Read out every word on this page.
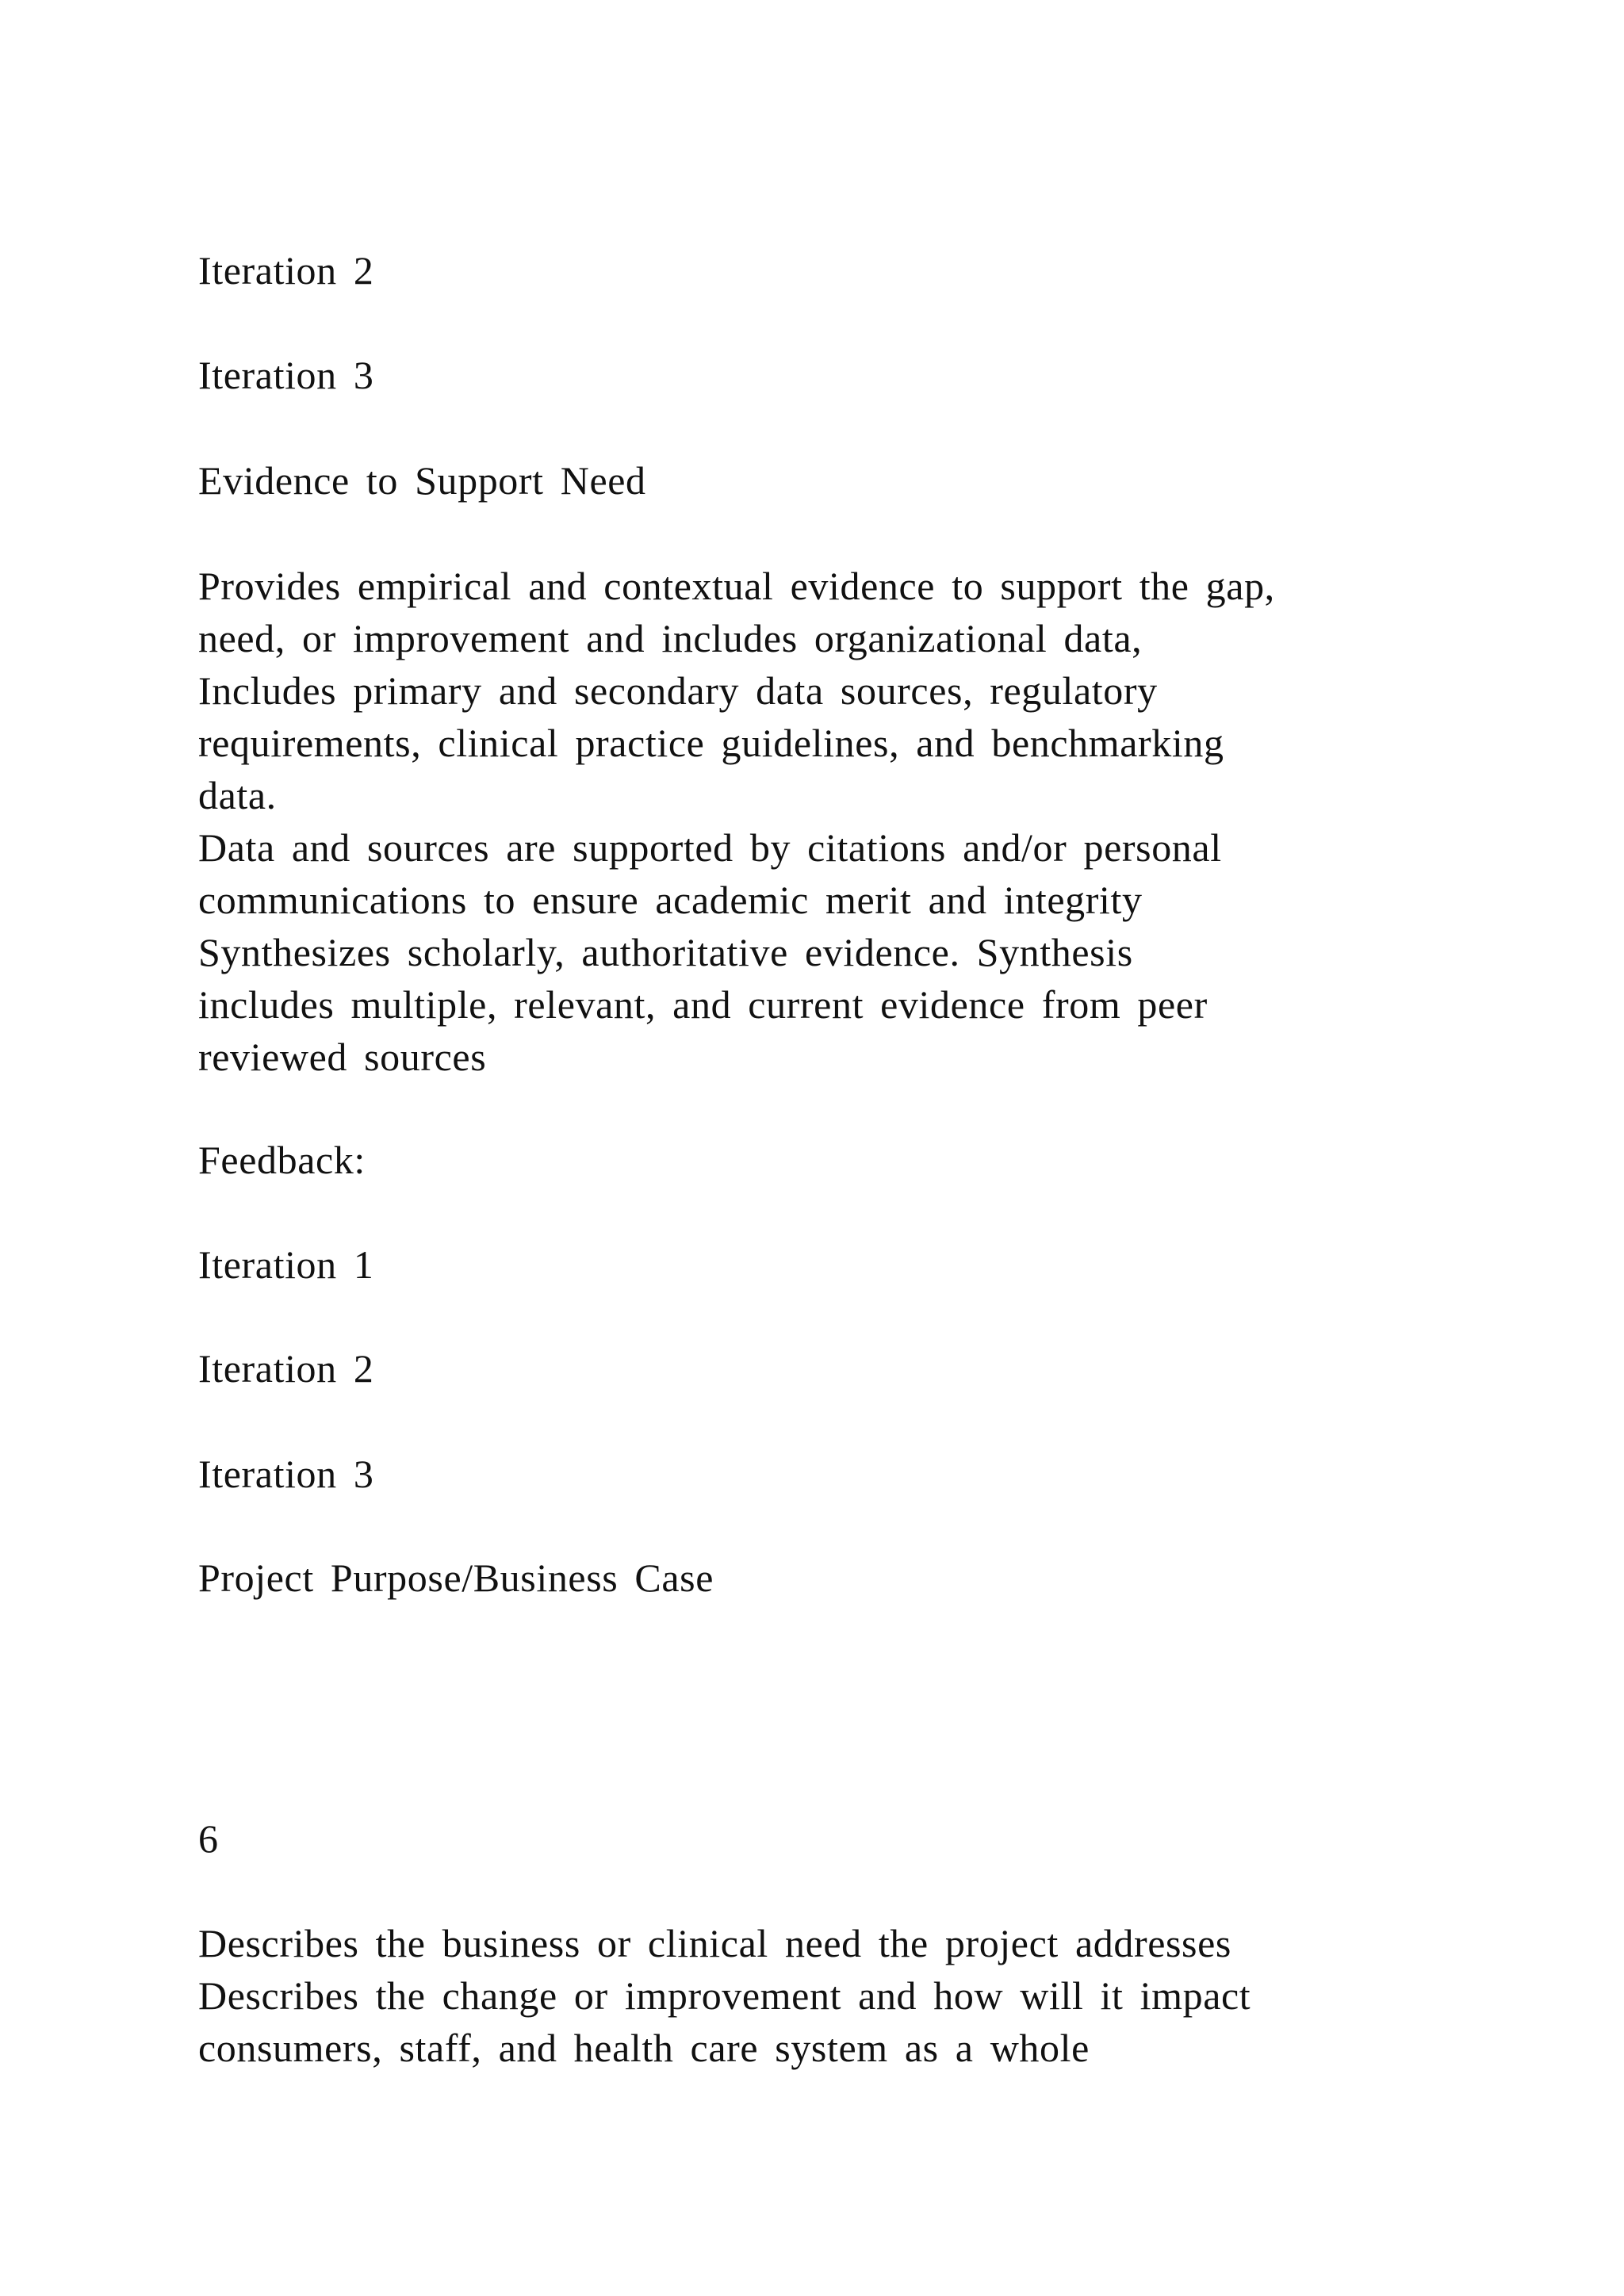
Iteration 2

Iteration 3

Evidence to Support Need

Provides empirical and contextual evidence to support the gap,
need, or improvement and includes organizational data,
Includes primary and secondary data sources, regulatory
requirements, clinical practice guidelines, and benchmarking
data.
Data and sources are supported by citations and/or personal
communications to ensure academic merit and integrity
Synthesizes scholarly, authoritative evidence. Synthesis
includes multiple, relevant, and current evidence from peer
reviewed sources

Feedback:

Iteration 1

Iteration 2

Iteration 3

Project Purpose/Business Case

6

Describes the business or clinical need the project addresses
Describes the change or improvement and how will it impact
consumers, staff, and health care system as a whole
